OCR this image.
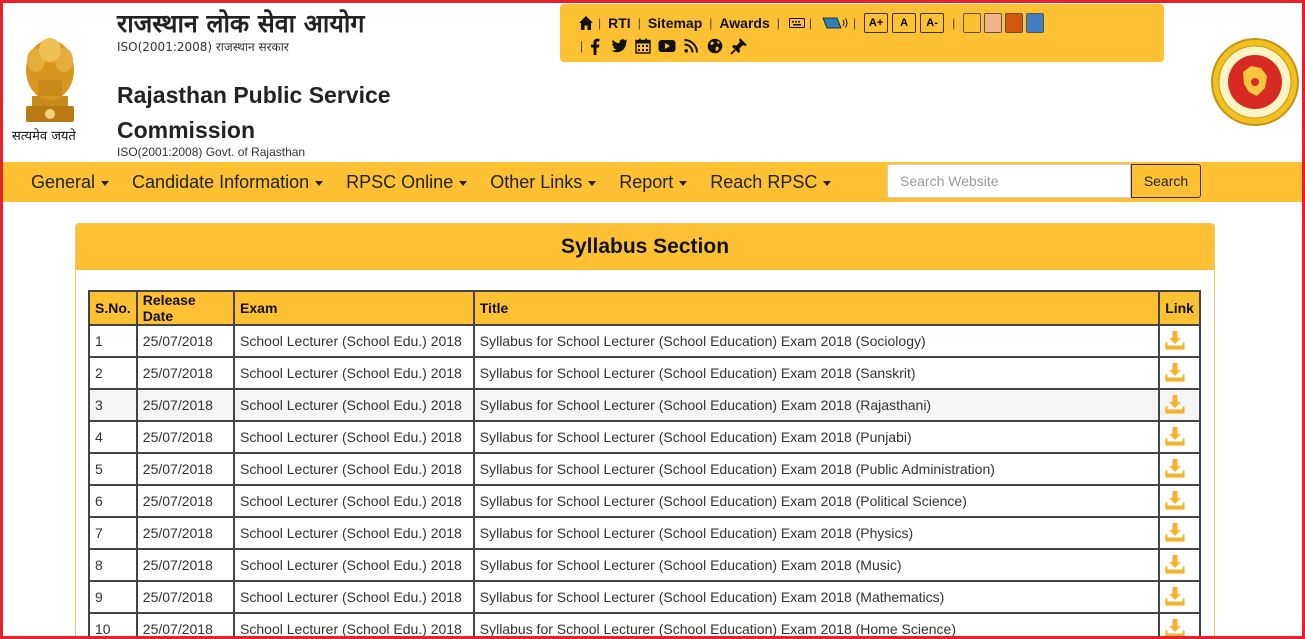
सत्यमेव जयते
राजस्थान लोक सेवा आयोग
ISO(2001:2008) राजस्थान सरकार
Rajasthan Public Service Commission
ISO(2001:2008) Govt. of Rajasthan
| RTI | Sitemap | Awards | |	|	A+	A	A-	|
|
General Candidate Information RPSC Online Other Links Report Reach RPSC
Search Website	Search
Syllabus Section
S.No.	Release Date	Exam	Title	Link
1	25/07/2018	School Lecturer (School Edu.) 2018	Syllabus for School Lecturer (School Education) Exam 2018 (Sociology)	

2	25/07/2018	School Lecturer (School Edu.) 2018	Syllabus for School Lecturer (School Education) Exam 2018 (Sanskrit)	

3	25/07/2018	School Lecturer (School Edu.) 2018	Syllabus for School Lecturer (School Education) Exam 2018 (Rajasthani)	

4	25/07/2018	School Lecturer (School Edu.) 2018	Syllabus for School Lecturer (School Education) Exam 2018 (Punjabi)	

5	25/07/2018	School Lecturer (School Edu.) 2018	Syllabus for School Lecturer (School Education) Exam 2018 (Public Administration)	

6	25/07/2018	School Lecturer (School Edu.) 2018	Syllabus for School Lecturer (School Education) Exam 2018 (Political Science)	

7	25/07/2018	School Lecturer (School Edu.) 2018	Syllabus for School Lecturer (School Education) Exam 2018 (Physics)	

8	25/07/2018	School Lecturer (School Edu.) 2018	Syllabus for School Lecturer (School Education) Exam 2018 (Music)	

9	25/07/2018	School Lecturer (School Edu.) 2018	Syllabus for School Lecturer (School Education) Exam 2018 (Mathematics)	

10	25/07/2018	School Lecturer (School Edu.) 2018	Syllabus for School Lecturer (School Education) Exam 2018 (Home Science)	
